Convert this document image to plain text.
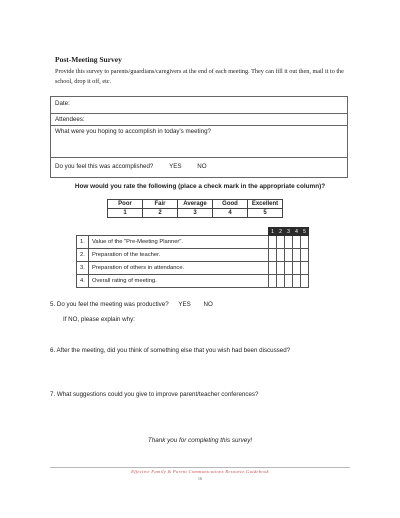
Post-Meeting Survey
Provide this survey to parents/guardians/caregivers at the end of each meeting. They can fill it out then, mail it to the school, drop it off, etc.
Date:
Attendees:
What were you hoping to accomplish in today's meeting?
Do you feel this was accomplished?	YES	NO
How would you rate the following (place a check mark in the appropriate column)?
Poor	Fair	Average	Good	Excellent
1	2	3	4	5
		1	2	3	4	5
1.	Value of the "Pre-Meeting Planner".					
2.	Preparation of the teacher.					
3.	Preparation of others in attendance.					
4.	Overall rating of meeting.					
5. Do you feel the meeting was productive? YES NO
If NO, please explain why:
6. After the meeting, did you think of something else that you wish had been discussed?
7. What suggestions could you give to improve parent/teacher conferences?
Thank you for completing this survey!
Effective Family & Parent Communications Resource Guidebook
16
